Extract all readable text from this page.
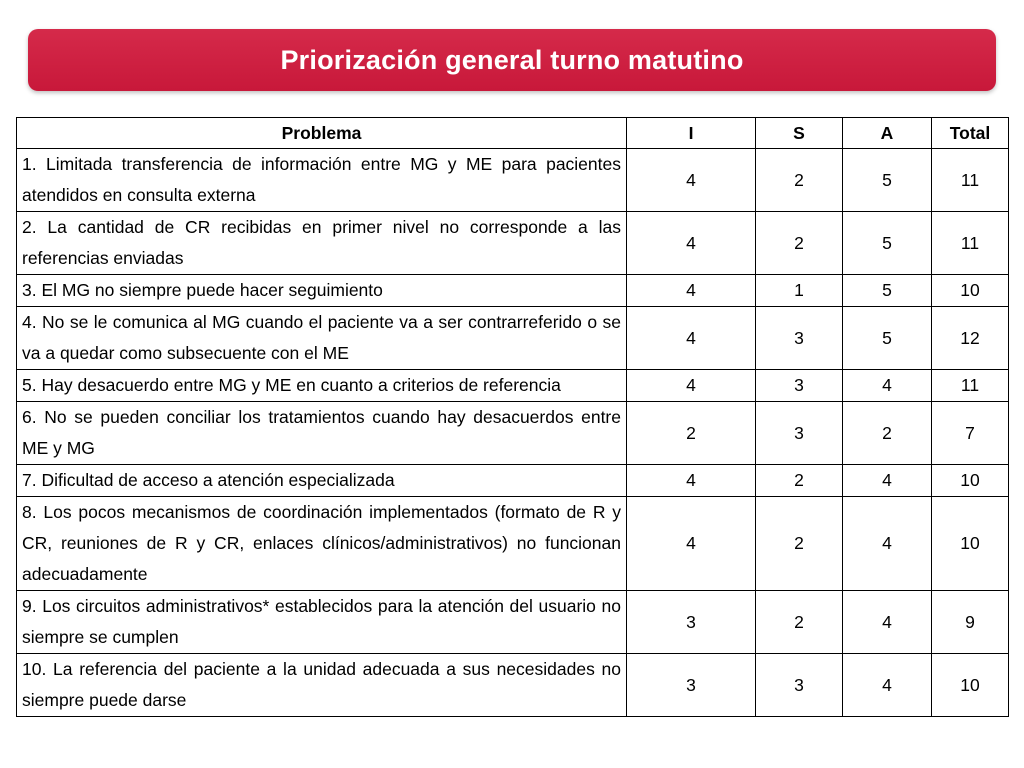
Priorización general turno matutino
Problema	I	S	A	Total
1. Limitada transferencia de información entre MG y ME para pacientes atendidos en consulta externa	4	2	5	11
2. La cantidad de CR recibidas en primer nivel no corresponde a las referencias enviadas	4	2	5	11
3. El MG no siempre puede hacer seguimiento	4	1	5	10
4. No se le comunica al MG cuando el paciente va a ser contrarreferido o se va a quedar como subsecuente con el ME	4	3	5	12
5. Hay desacuerdo entre MG y ME en cuanto a criterios de referencia	4	3	4	11
6. No se pueden conciliar los tratamientos cuando hay desacuerdos entre ME y MG	2	3	2	7
7. Dificultad de acceso a atención especializada	4	2	4	10
8. Los pocos mecanismos de coordinación implementados (formato de R y CR, reuniones de R y CR, enlaces clínicos/administrativos) no funcionan adecuadamente	4	2	4	10
9. Los circuitos administrativos* establecidos para la atención del usuario no siempre se cumplen	3	2	4	9
10. La referencia del paciente a la unidad adecuada a sus necesidades no siempre puede darse	3	3	4	10
